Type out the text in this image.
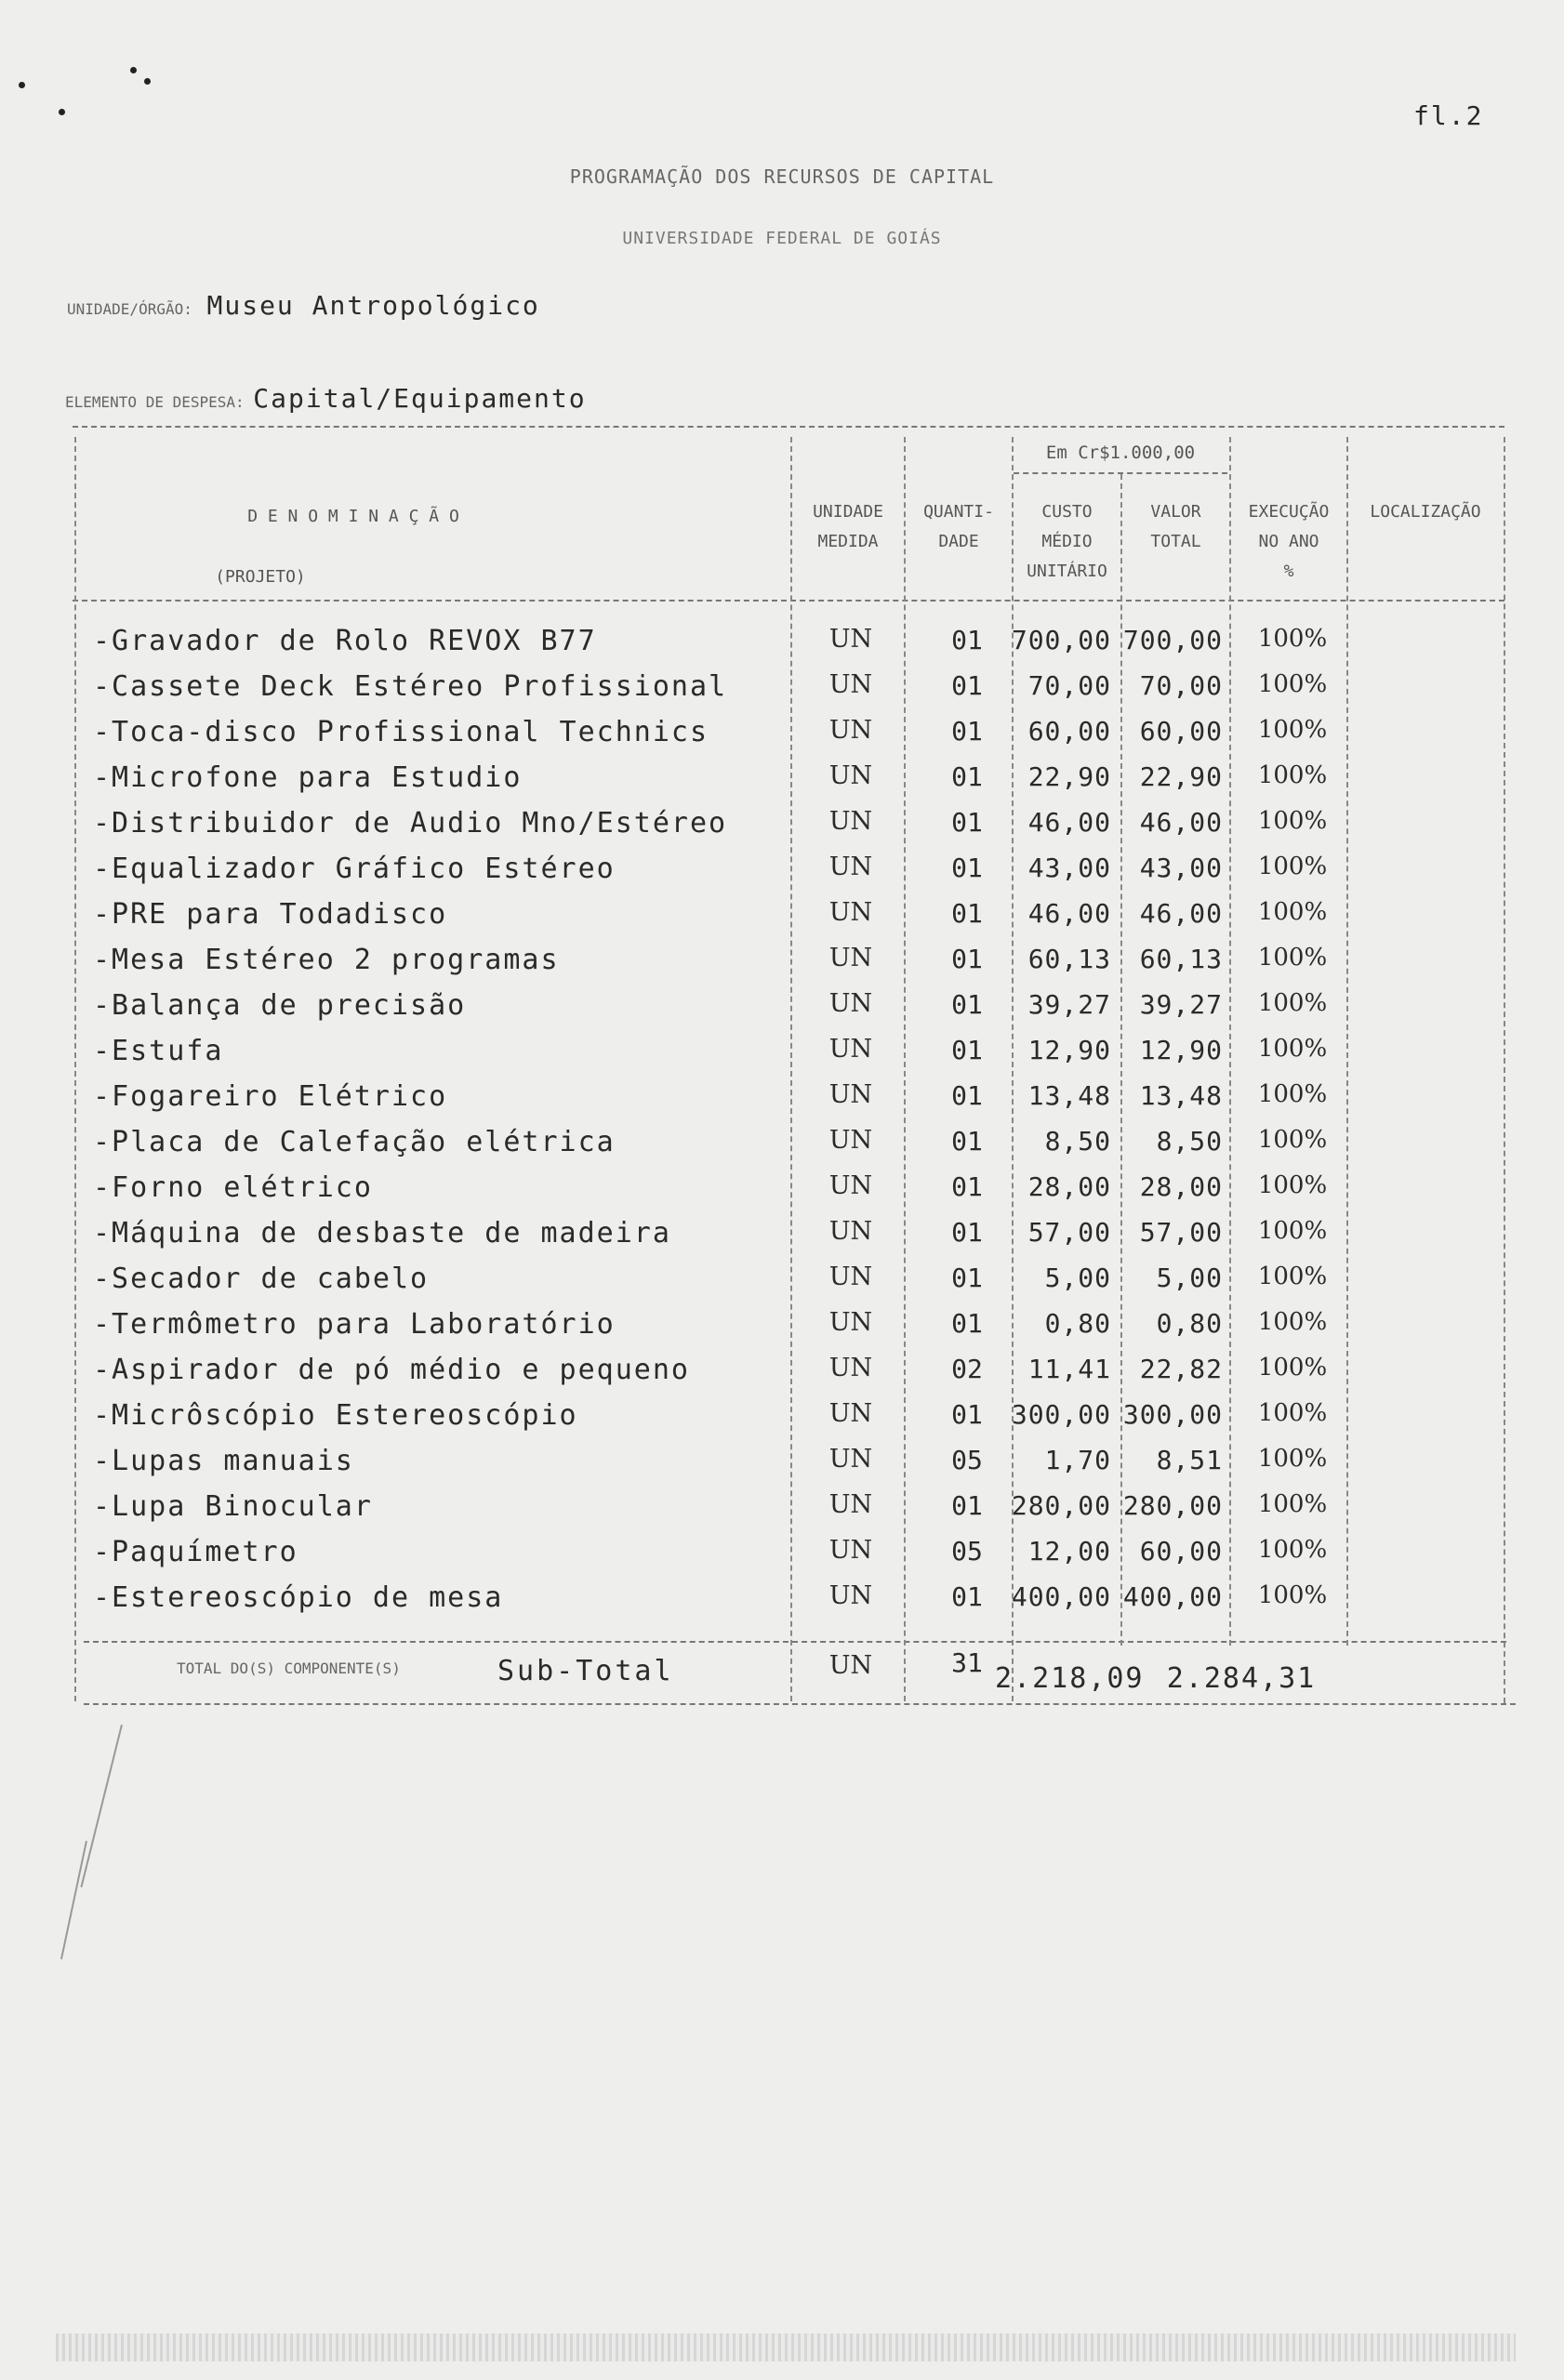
fl.2
PROGRAMAÇÃO DOS RECURSOS DE CAPITAL
UNIVERSIDADE FEDERAL DE GOIÁS
UNIDADE/ÓRGÃO: Museu Antropológico
ELEMENTO DE DESPESA: Capital/Equipamento
D E N O M I N A Ç Ã O
(PROJETO)
UNIDADE
MEDIDA
QUANTI-
DADE
Em Cr$1.000,00
CUSTO
MÉDIO
UNITÁRIO
VALOR
TOTAL
EXECUÇÃO
NO ANO
%
LOCALIZAÇÃO
-Gravador de Rolo REVOX B77	UN	01	700,00 700,00	100%
-Cassete Deck Estéreo Profissional	UN	01	70,00	70,00	100%
-Toca-disco Profissional Technics	UN	01	60,00	60,00	100%
-Microfone para Estudio	UN	01	22,90	22,90	100%
-Distribuidor de Audio Mno/Estéreo	UN	01	46,00	46,00	100%
-Equalizador Gráfico Estéreo	UN	01	43,00	43,00	100%
-PRE para Todadisco	UN	01	46,00	46,00	100%
-Mesa Estéreo 2 programas	UN	01	60,13	60,13	100%
-Balança de precisão	UN	01	39,27	39,27	100%
-Estufa	UN	01	12,90	12,90	100%
-Fogareiro Elétrico	UN	01	13,48	13,48	100%
-Placa de Calefação elétrica	UN	01	8,50	8,50	100%
-Forno elétrico	UN	01	28,00	28,00	100%
-Máquina de desbaste de madeira	UN	01	57,00	57,00	100%
-Secador de cabelo	UN	01	5,00	5,00	100%
-Termômetro para Laboratório	UN	01	0,80	0,80	100%
-Aspirador de pó médio e pequeno	UN	02	11,41	22,82	100%
-Micrôscópio Estereoscópio	UN	01	300,00 300,00	100%
-Lupas manuais	UN	05	1,70	8,51	100%
-Lupa Binocular	UN	01	280,00 280,00	100%
-Paquímetro	UN	05	12,00	60,00	100%
-Estereoscópio de mesa	UN	01	400,00 400,00	100%
TOTAL DO(S) COMPONENTE(S)	Sub-Total	UN	31 2.218,09 2.284,31
